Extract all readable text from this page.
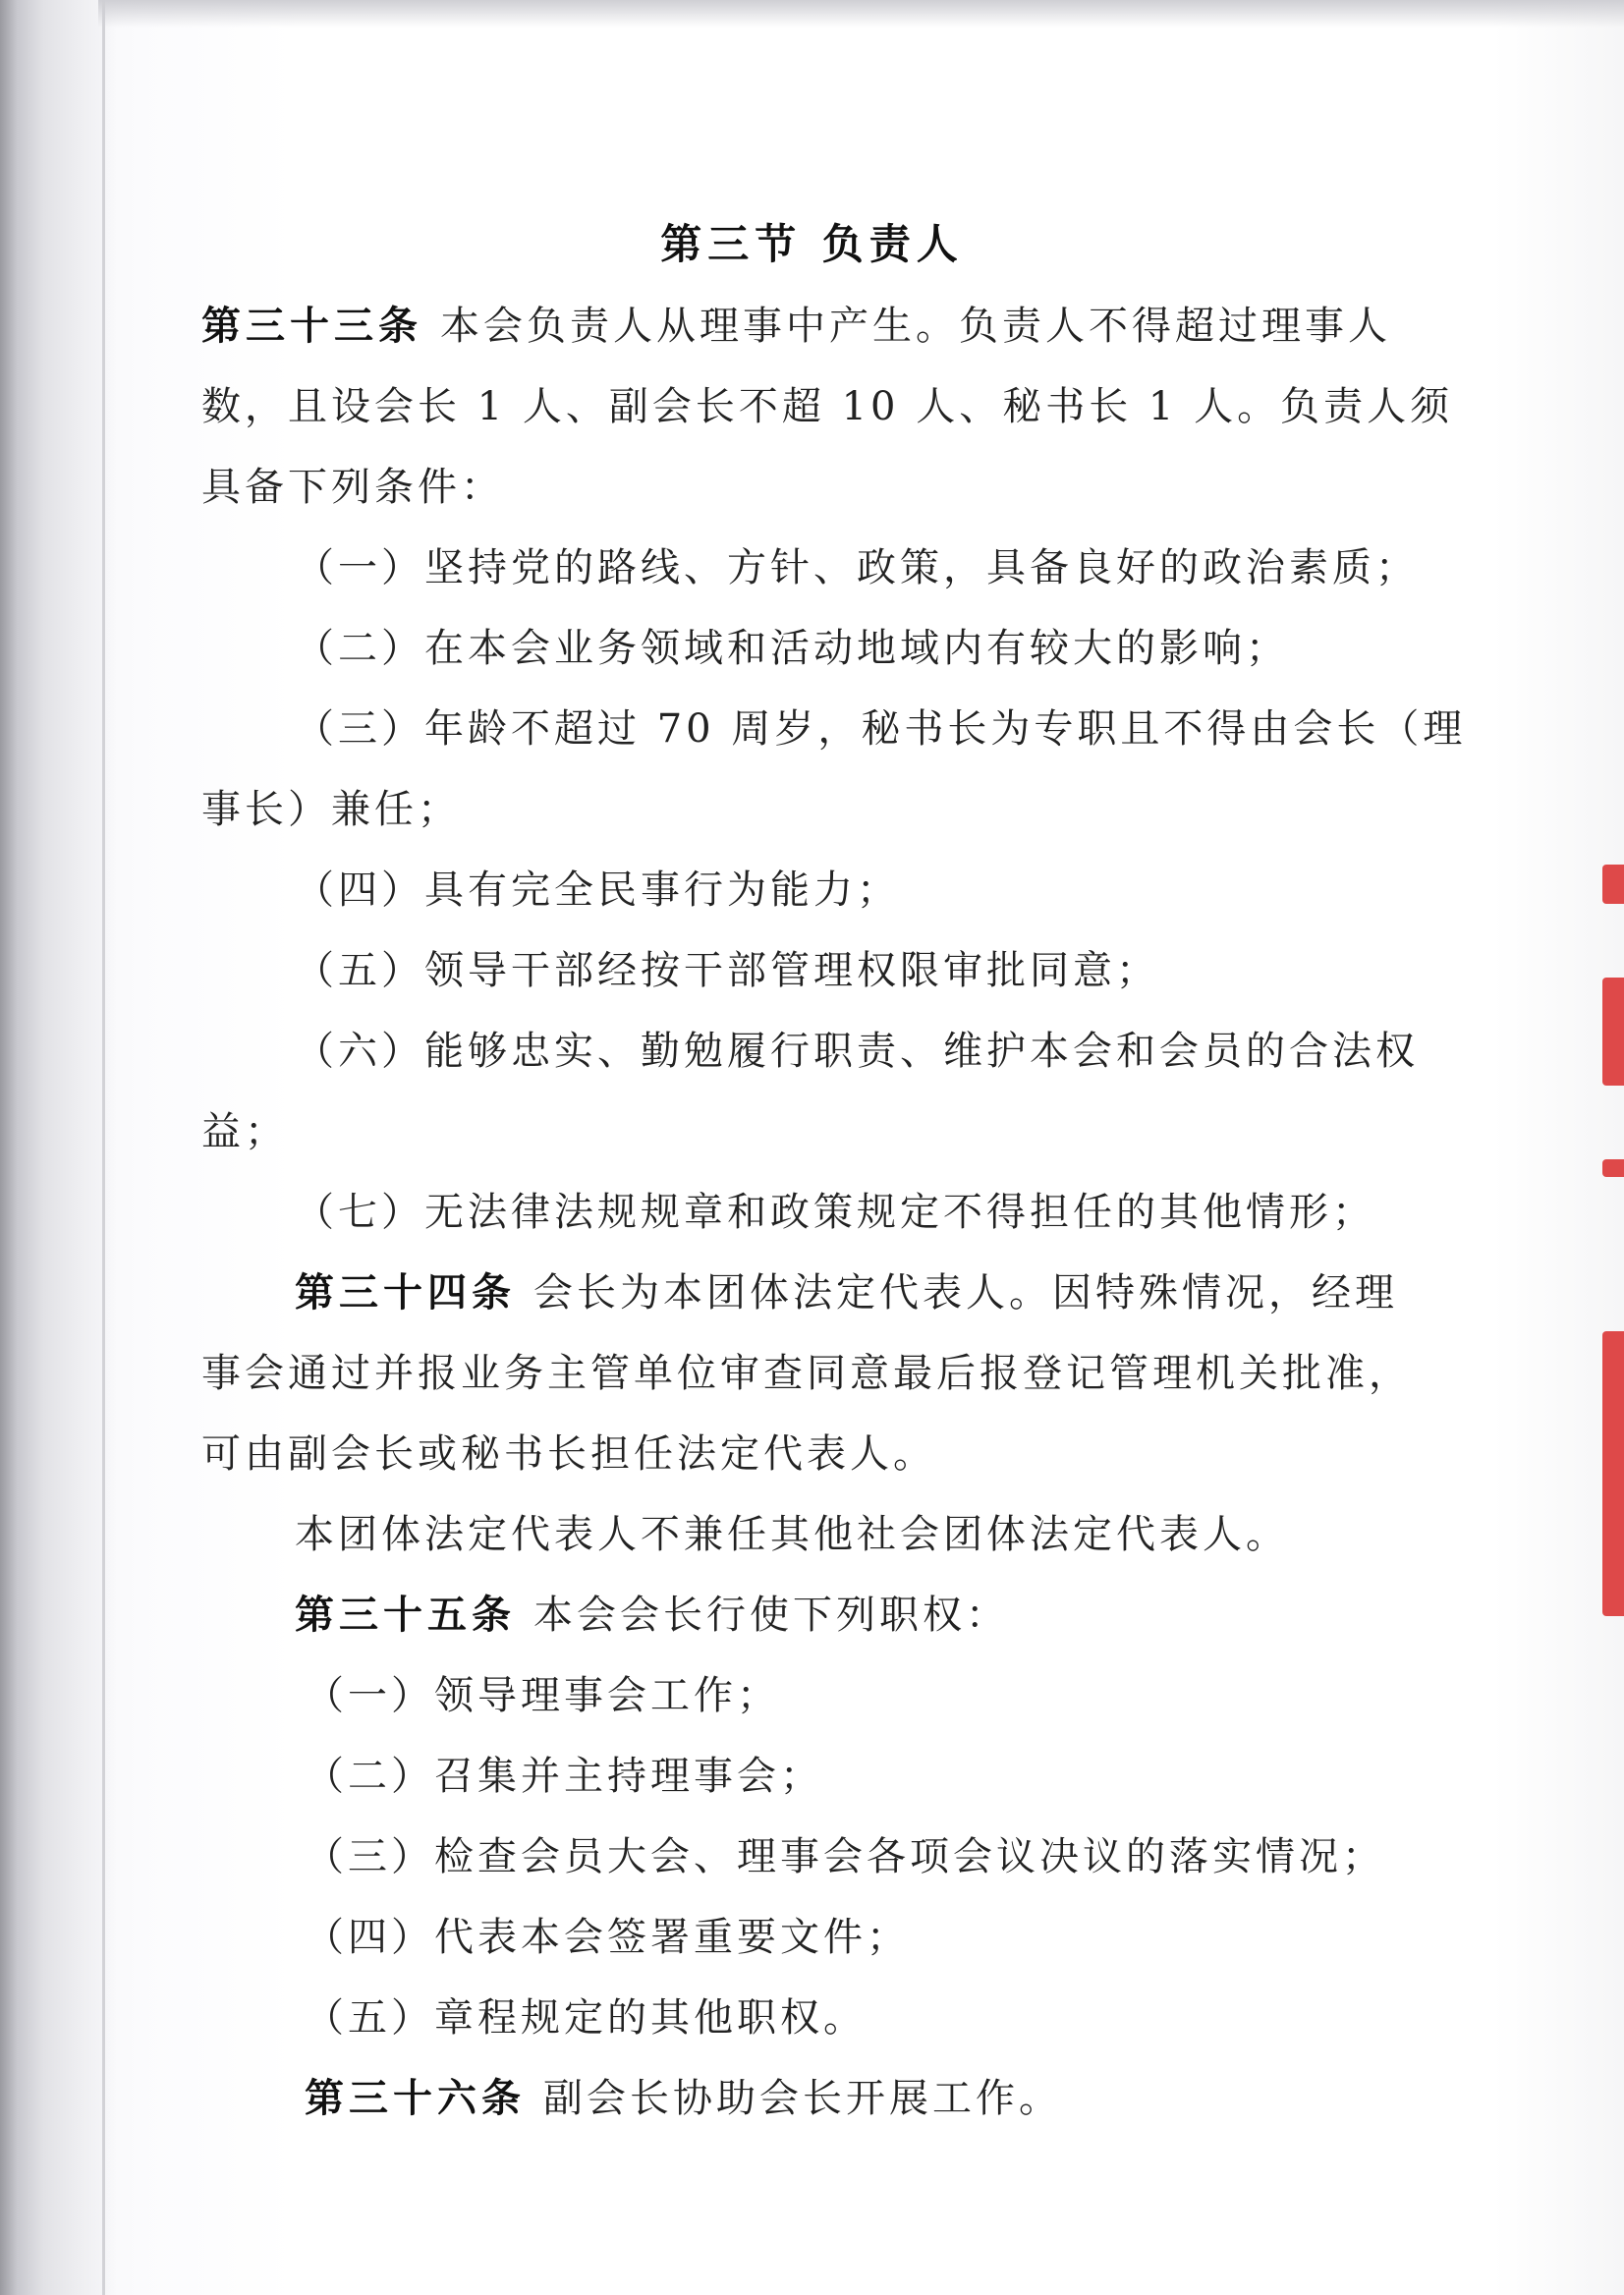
第三节 负责人
第三十三条 本会负责人从理事中产生。负责人不得超过理事人
数，且设会长 1 人、副会长不超 10 人、秘书长 1 人。负责人须
具备下列条件：
（一）坚持党的路线、方针、政策，具备良好的政治素质；
（二）在本会业务领域和活动地域内有较大的影响；
（三）年龄不超过 70 周岁，秘书长为专职且不得由会长（理
事长）兼任；
（四）具有完全民事行为能力；
（五）领导干部经按干部管理权限审批同意；
（六）能够忠实、勤勉履行职责、维护本会和会员的合法权
益；
（七）无法律法规规章和政策规定不得担任的其他情形；
第三十四条 会长为本团体法定代表人。因特殊情况，经理
事会通过并报业务主管单位审查同意最后报登记管理机关批准，
可由副会长或秘书长担任法定代表人。
本团体法定代表人不兼任其他社会团体法定代表人。
第三十五条 本会会长行使下列职权：
（一）领导理事会工作；
（二）召集并主持理事会；
（三）检查会员大会、理事会各项会议决议的落实情况；
（四）代表本会签署重要文件；
（五）章程规定的其他职权。
第三十六条 副会长协助会长开展工作。
